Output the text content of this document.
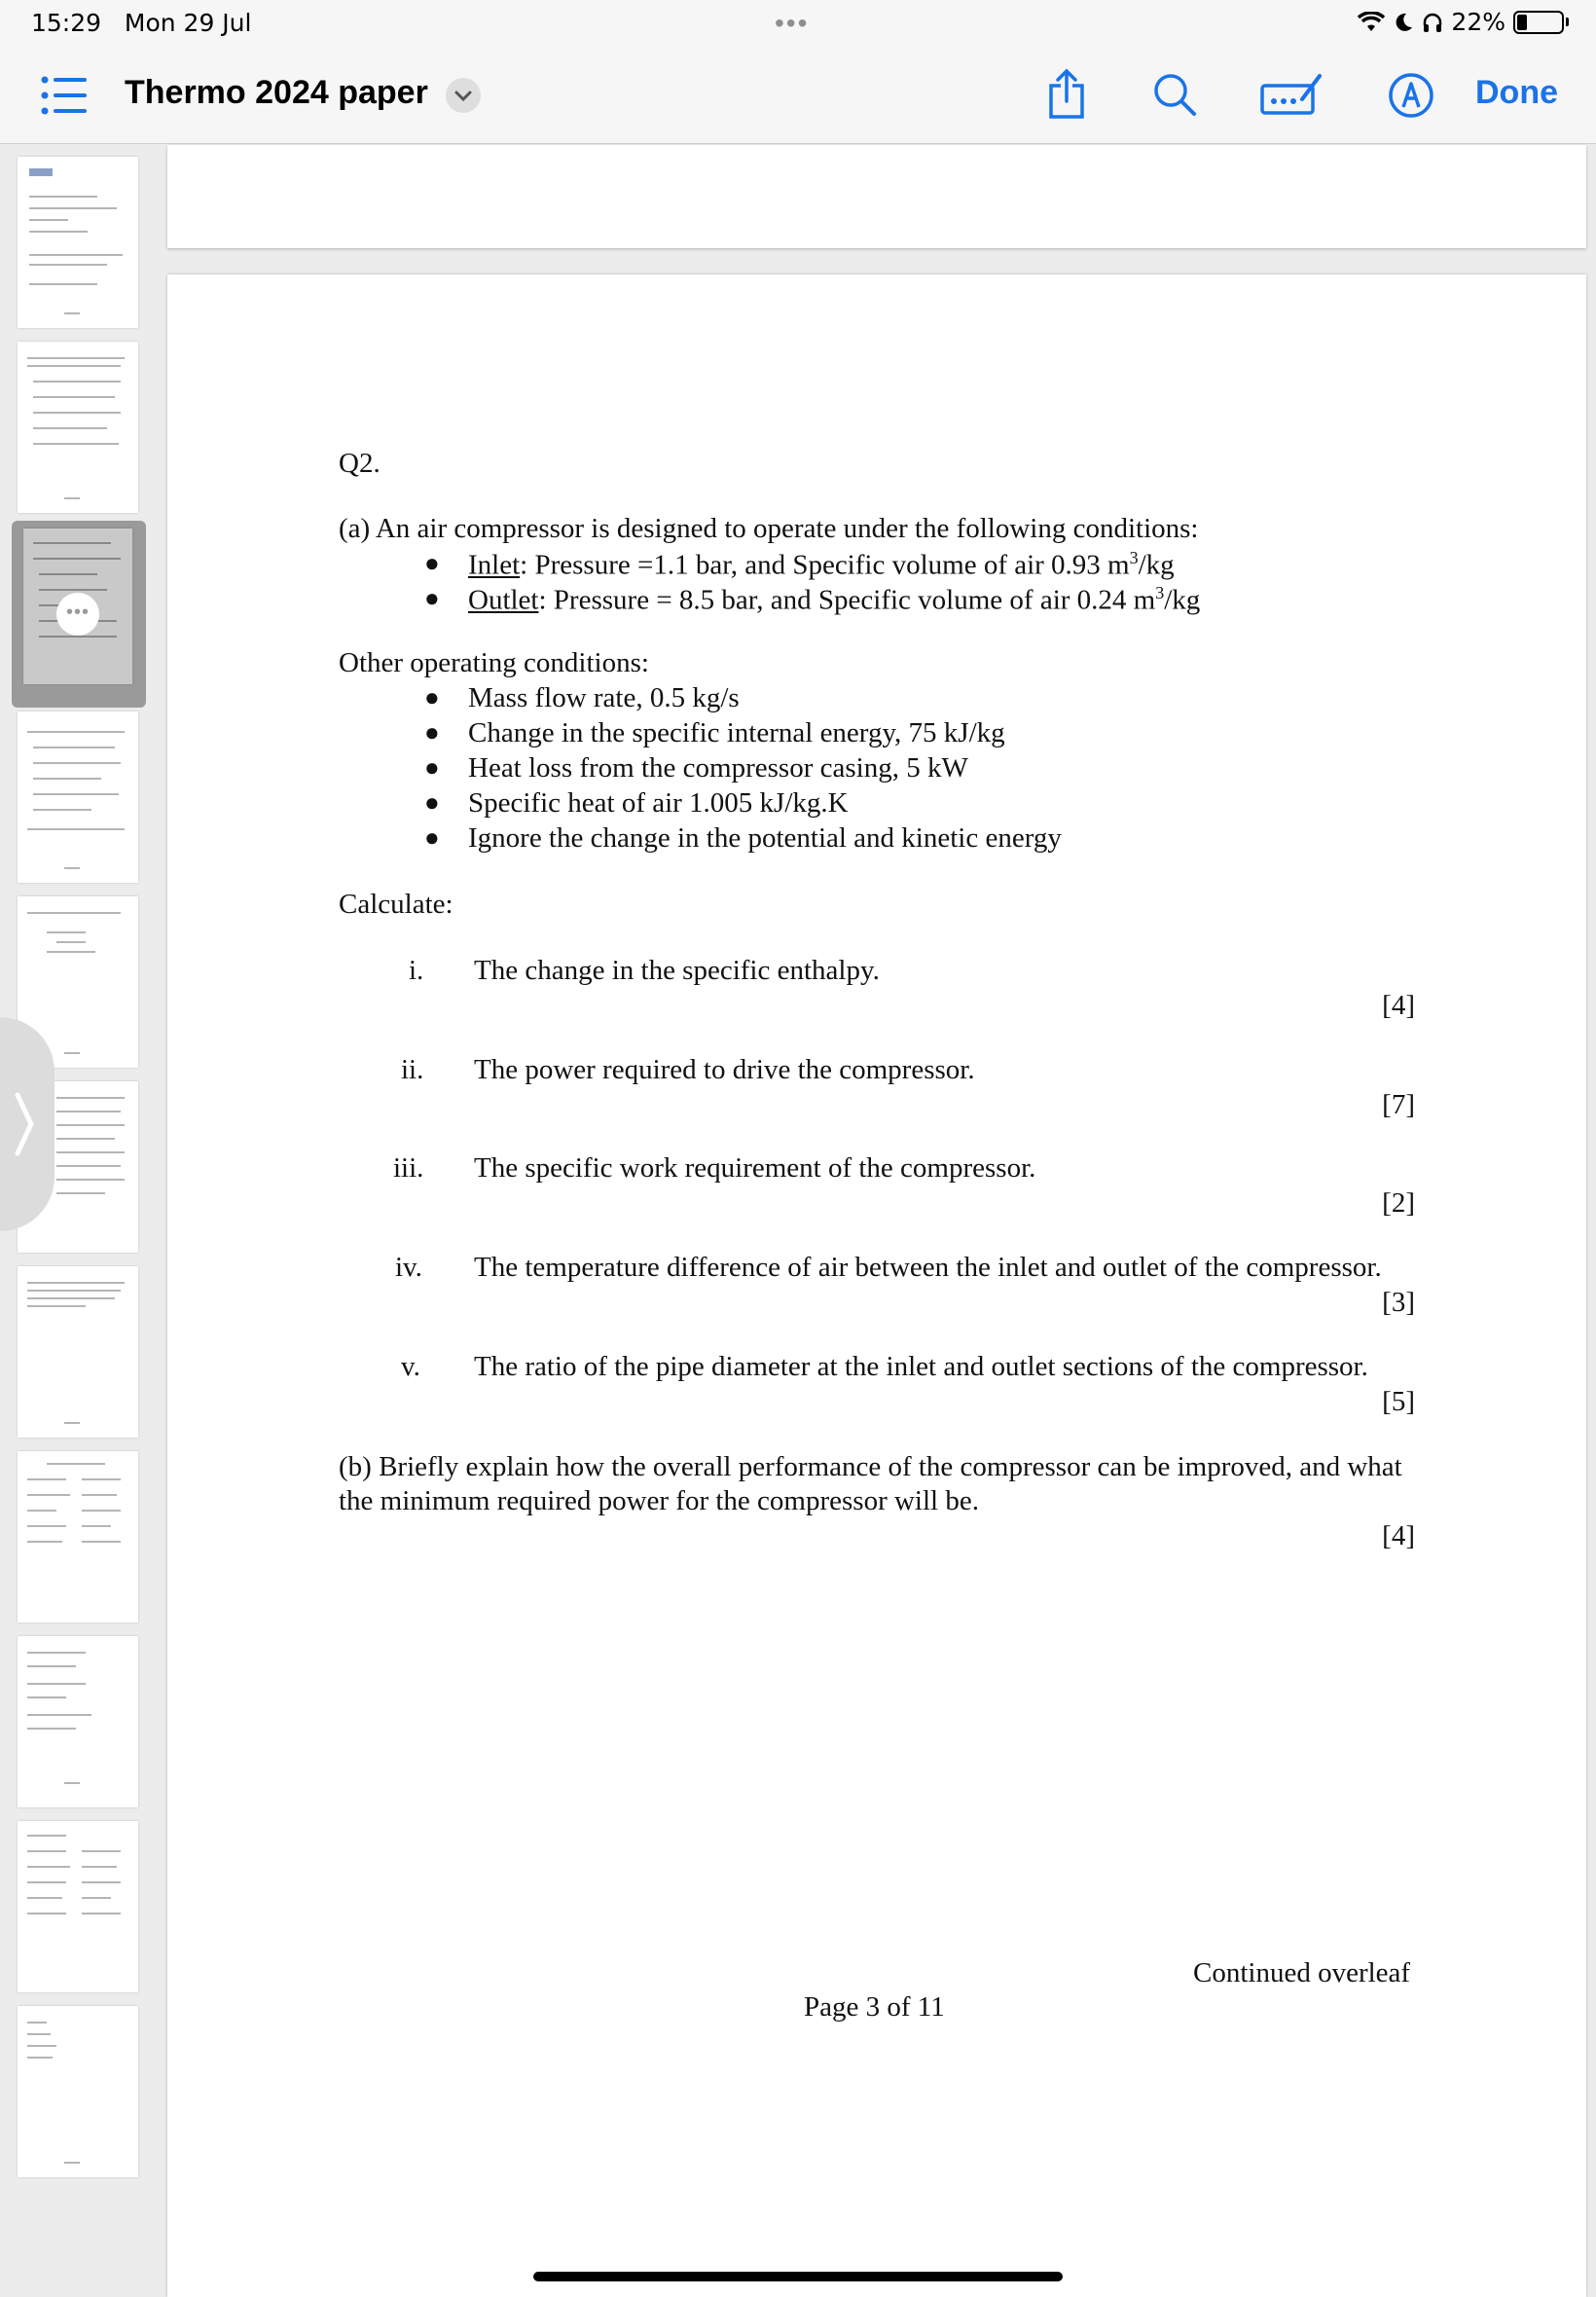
15:29 Mon 29 Jul	•••	22%
Thermo 2024 paper	Done
•••
Q2.
(a) An air compressor is designed to operate under the following conditions:
● Inlet: Pressure =1.1 bar, and Specific volume of air 0.93 $m^3/kg$
● Outlet: Pressure = 8.5 bar, and Specific volume of air 0.24 $m^3/kg$
Other operating conditions:
● Mass flow rate, 0.5 kg/s
● Change in the specific internal energy, 75 kJ/kg
● Heat loss from the compressor casing, 5 kW
● Specific heat of air 1.005 kJ/kg.K
● Ignore the change in the potential and kinetic energy
Calculate:
i. The change in the specific enthalpy.
[4]
ii. The power required to drive the compressor.
[7]
iii. The specific work requirement of the compressor.
[2]
iv. The temperature difference of air between the inlet and outlet of the compressor.
[3]
v. The ratio of the pipe diameter at the inlet and outlet sections of the compressor.
[5]
(b) Briefly explain how the overall performance of the compressor can be improved, and what
the minimum required power for the compressor will be.
[4]
Continued overleaf
Page 3 of 11
